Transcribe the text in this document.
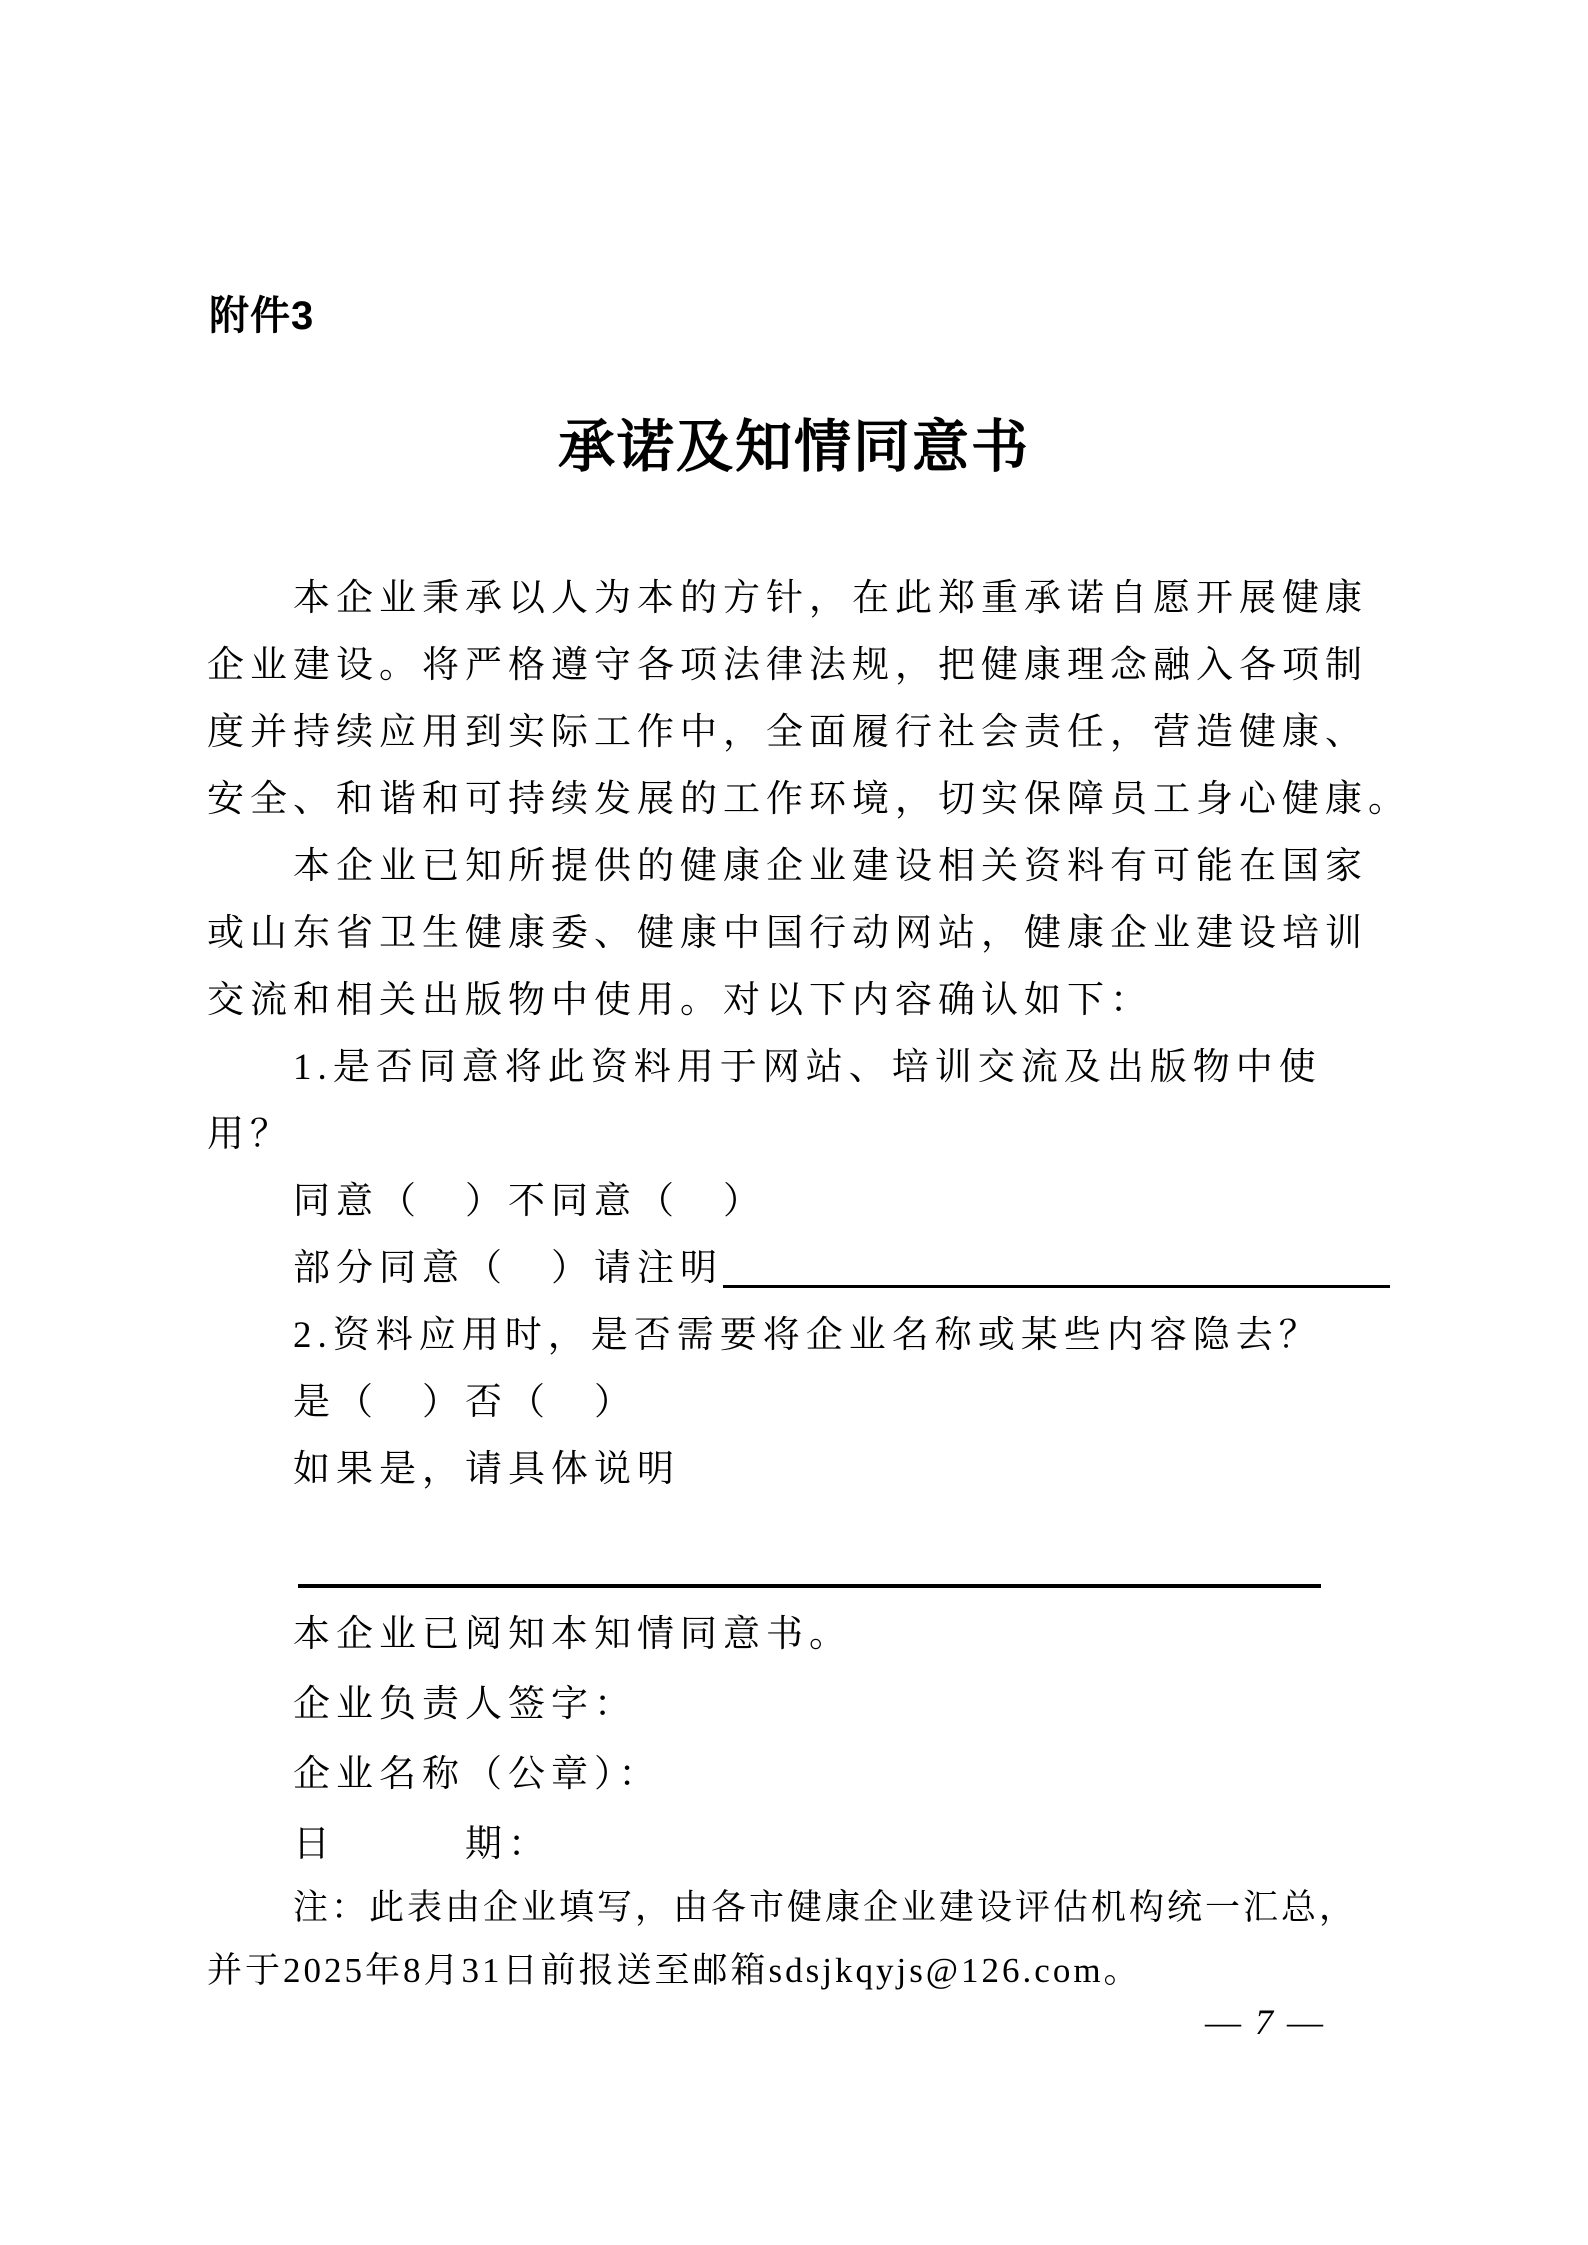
附件3
承诺及知情同意书
本企业秉承以人为本的方针，在此郑重承诺自愿开展健康
企业建设。将严格遵守各项法律法规，把健康理念融入各项制
度并持续应用到实际工作中，全面履行社会责任，营造健康、
安全、和谐和可持续发展的工作环境，切实保障员工身心健康。
本企业已知所提供的健康企业建设相关资料有可能在国家
或山东省卫生健康委、健康中国行动网站，健康企业建设培训
交流和相关出版物中使用。对以下内容确认如下：
1.是否同意将此资料用于网站、培训交流及出版物中使
用？
同意（　）不同意（　）
部分同意（　）请注明
2.资料应用时，是否需要将企业名称或某些内容隐去？
是（　）否（　）
如果是，请具体说明
本企业已阅知本知情同意书。
企业负责人签字：
企业名称（公章）：
日　　　期：
注：此表由企业填写，由各市健康企业建设评估机构统一汇总，
并于2025年8月31日前报送至邮箱sdsjkqyjs@126.com。
— 7 —
